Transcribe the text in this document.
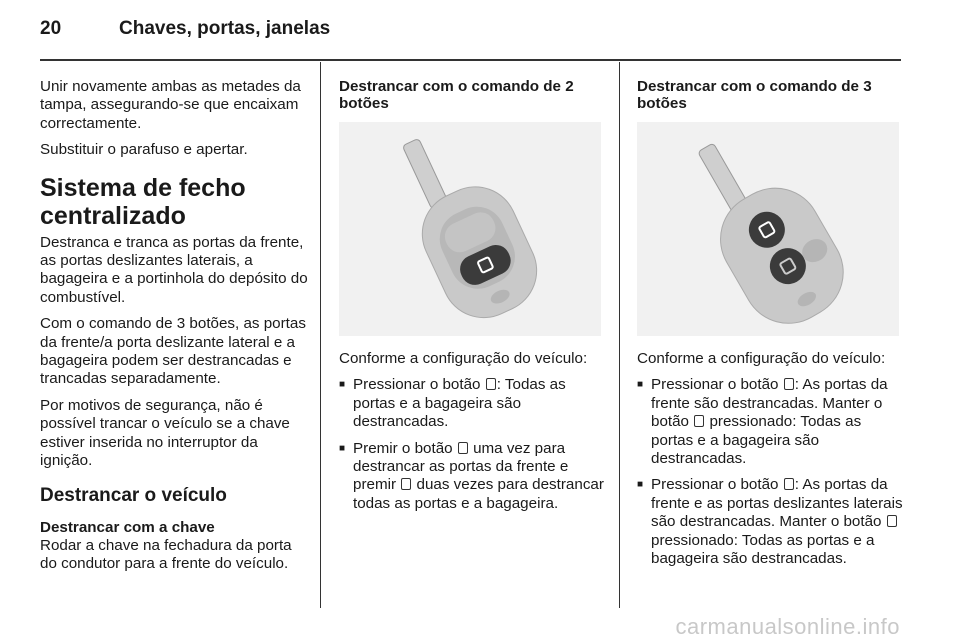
20	Chaves, portas, janelas

Unir novamente ambas as metades da tampa, assegurando-se que encaixam correctamente.

Substituir o parafuso e apertar.

Sistema de fecho centralizado

Destranca e tranca as portas da frente, as portas deslizantes laterais, a bagageira e a portinhola do depósito do combustível.

Com o comando de 3 botões, as portas da frente/a porta deslizante lateral e a bagageira podem ser destrancadas e trancadas separadamente.

Por motivos de segurança, não é possível trancar o veículo se a chave estiver inserida no interruptor da ignição.

Destrancar o veículo
Destrancar com a chave

Rodar a chave na fechadura da porta do condutor para a frente do veículo.

Destrancar com o comando de 2 botões

Conforme a configuração do veículo:

■ Pressionar o botão : Todas as portas e a bagageira são destrancadas.
■ Premir o botão  uma vez para destrancar as portas da frente e premir  duas vezes para destrancar todas as portas e a bagageira.
Destrancar com o comando de 3 botões

Conforme a configuração do veículo:

■ Pressionar o botão : As portas da frente são destrancadas. Manter o botão  pressionado: Todas as portas e a bagageira são destrancadas.
■ Pressionar o botão : As portas da frente e as portas deslizantes laterais são destrancadas. Manter o botão  pressionado: Todas as portas e a bagageira são destrancadas.
carmanualsonline.info
